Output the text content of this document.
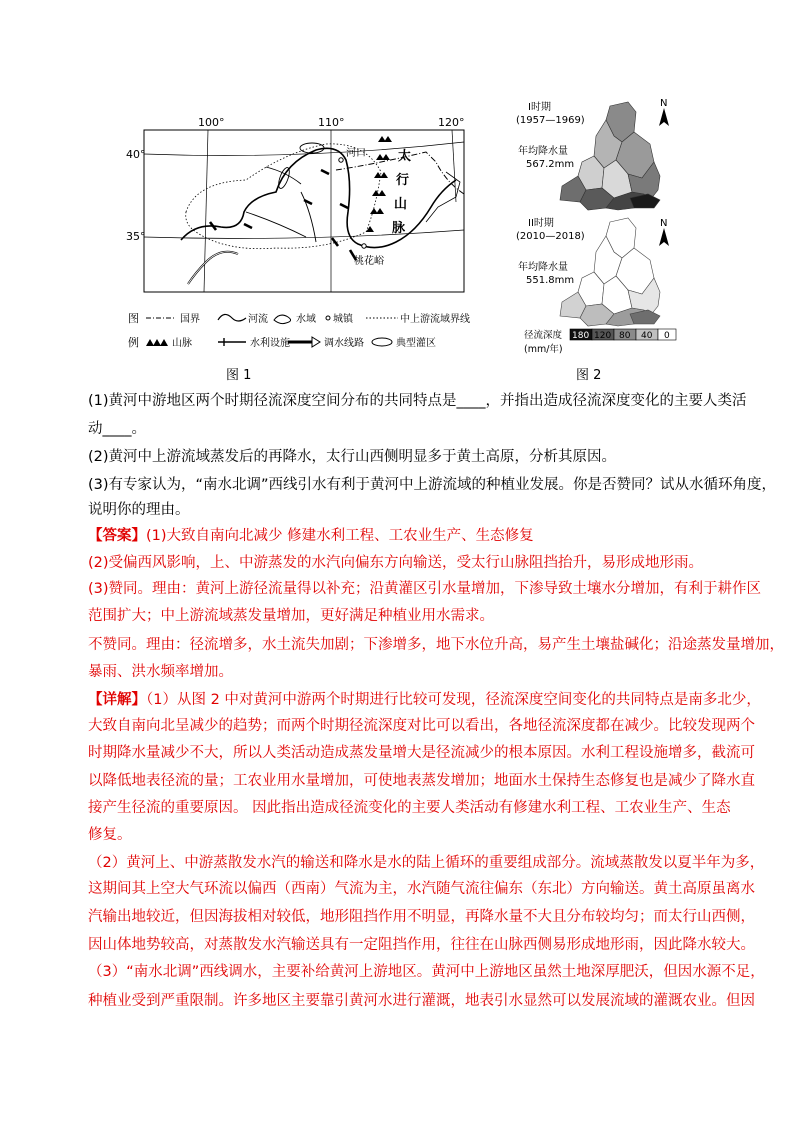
100°	110°	120°
40°
35°
河口
桃花峪
太
行
山
脉
图
例
国界	河流	水域 城镇	中上游流域界线
山脉	水利设施	调水线路	典型灌区
图 1
I时期
(1957—1969)
年均降水量
567.2mm
N
II时期
(2010—2018)
年均降水量
551.8mm
N
径流深度
(mm/年)
180 120 80 40 0
图 2
(1)黄河中游地区两个时期径流深度空间分布的共同特点是____，并指出造成径流深度变化的主要人类活
动____。
(2)黄河中上游流域蒸发后的再降水，太行山西侧明显多于黄土高原，分析其原因。
(3)有专家认为，“南水北调”西线引水有利于黄河中上游流域的种植业发展。你是否赞同？试从水循环角度，
说明你的理由。
【答案】(1)大致自南向北减少 修建水利工程、工农业生产、生态修复
(2)受偏西风影响，上、中游蒸发的水汽向偏东方向输送，受太行山脉阻挡抬升，易形成地形雨。
(3)赞同。理由：黄河上游径流量得以补充；沿黄灌区引水量增加，下渗导致土壤水分增加，有利于耕作区
范围扩大；中上游流域蒸发量增加，更好满足种植业用水需求。
不赞同。理由：径流增多，水土流失加剧；下渗增多，地下水位升高，易产生土壤盐碱化；沿途蒸发量增加，
暴雨、洪水频率增加。
【详解】（1）从图 2 中对黄河中游两个时期进行比较可发现，径流深度空间变化的共同特点是南多北少，
大致自南向北呈减少的趋势；而两个时期径流深度对比可以看出，各地径流深度都在减少。比较发现两个
时期降水量减少不大，所以人类活动造成蒸发量增大是径流减少的根本原因。水利工程设施增多，截流可
以降低地表径流的量；工农业用水量增加，可使地表蒸发增加；地面水土保持生态修复也是减少了降水直
接产生径流的重要原因。 因此指出造成径流变化的主要人类活动有修建水利工程、工农业生产、生态
修复。
（2）黄河上、中游蒸散发水汽的输送和降水是水的陆上循环的重要组成部分。流域蒸散发以夏半年为多，
这期间其上空大气环流以偏西（西南）气流为主，水汽随气流往偏东（东北）方向输送。黄土高原虽离水
汽输出地较近，但因海拔相对较低，地形阻挡作用不明显，再降水量不大且分布较均匀；而太行山西侧，
因山体地势较高，对蒸散发水汽输送具有一定阻挡作用，往往在山脉西侧易形成地形雨，因此降水较大。
（3）“南水北调”西线调水，主要补给黄河上游地区。黄河中上游地区虽然土地深厚肥沃，但因水源不足，
种植业受到严重限制。许多地区主要靠引黄河水进行灌溉，地表引水显然可以发展流域的灌溉农业。但因
